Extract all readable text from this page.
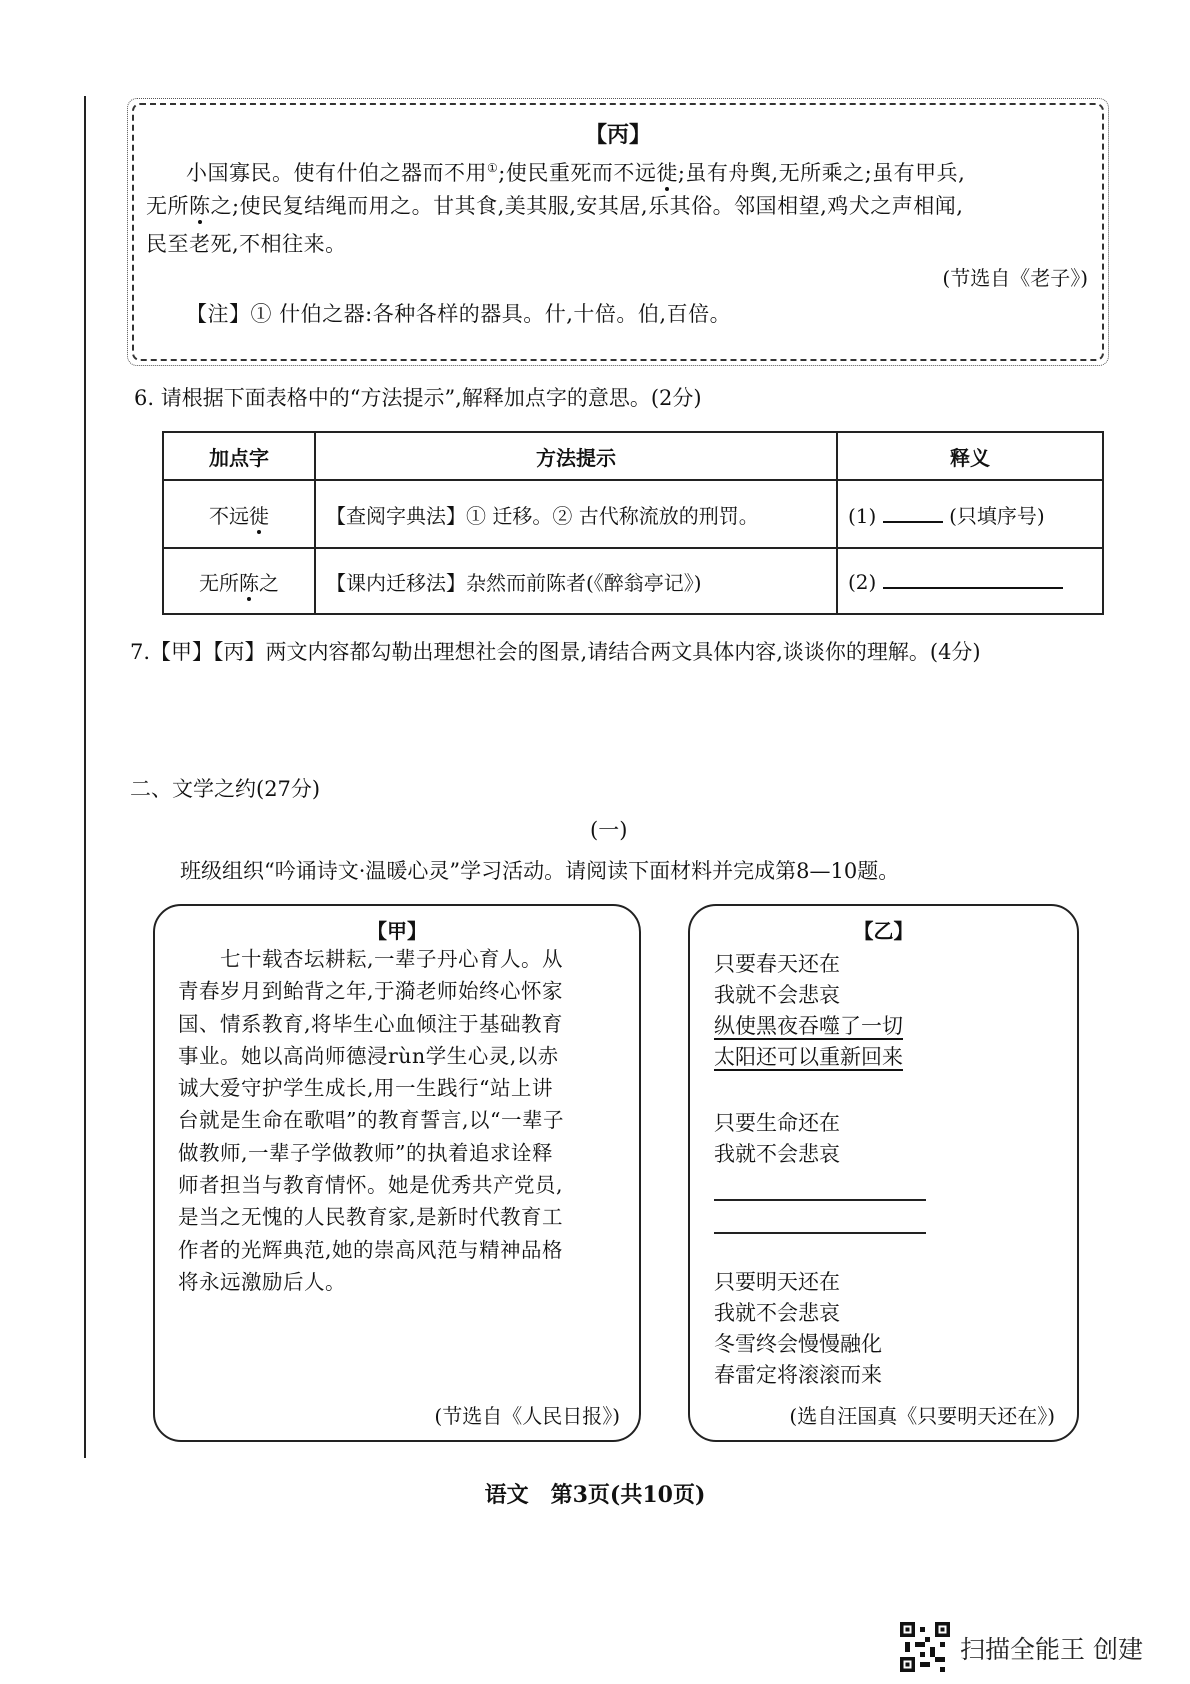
【丙】
小国寡民。使有什伯之器而不用①;使民重死而不远徙;虽有舟舆,无所乘之;虽有甲兵,
无所陈之;使民复结绳而用之。甘其食,美其服,安其居,乐其俗。邻国相望,鸡犬之声相闻,
民至老死,不相往来。
(节选自《老子》)
【注】① 什伯之器:各种各样的器具。什,十倍。伯,百倍。
6. 请根据下面表格中的“方法提示”,解释加点字的意思。(2分)
加点字	方法提示	释义
不远徙	【查阅字典法】① 迁移。② 古代称流放的刑罚。	(1) (只填序号)
无所陈之	【课内迁移法】杂然而前陈者(《醉翁亭记》)	(2)
7.【甲】【丙】两文内容都勾勒出理想社会的图景,请结合两文具体内容,谈谈你的理解。(4分)
二、文学之约(27分)
(一)
班级组织“吟诵诗文·温暖心灵”学习活动。请阅读下面材料并完成第8—10题。
【甲】
七十载杏坛耕耘,一辈子丹心育人。从
青春岁月到鲐背之年,于漪老师始终心怀家
国、情系教育,将毕生心血倾注于基础教育
事业。她以高尚师德浸rùn学生心灵,以赤
诚大爱守护学生成长,用一生践行“站上讲
台就是生命在歌唱”的教育誓言,以“一辈子
做教师,一辈子学做教师”的执着追求诠释
师者担当与教育情怀。她是优秀共产党员,
是当之无愧的人民教育家,是新时代教育工
作者的光辉典范,她的崇高风范与精神品格
将永远激励后人。
(节选自《人民日报》)
【乙】
只要春天还在
我就不会悲哀
纵使黑夜吞噬了一切
太阳还可以重新回来
只要生命还在
我就不会悲哀
只要明天还在
我就不会悲哀
冬雪终会慢慢融化
春雷定将滚滚而来
(选自汪国真《只要明天还在》)
语文　第3页(共10页)
扫描全能王 创建
